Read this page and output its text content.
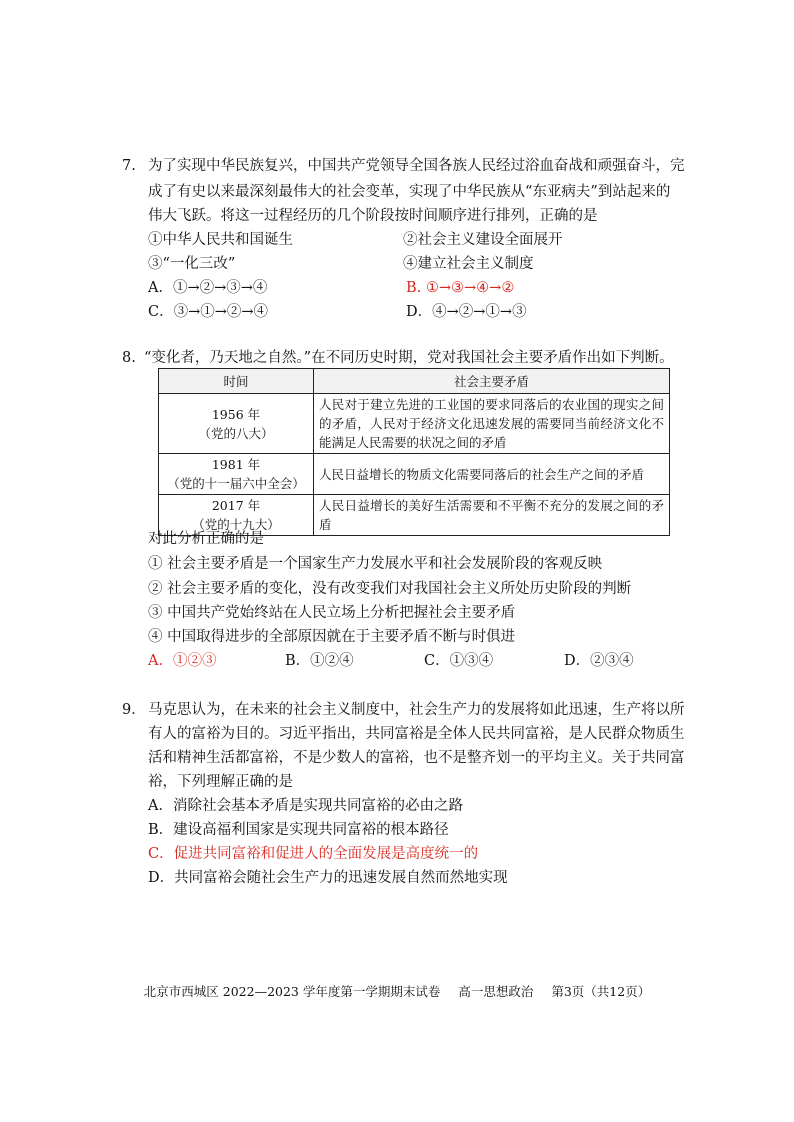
7. 为了实现中华民族复兴，中国共产党领导全国各族人民经过浴血奋战和顽强奋斗，完
成了有史以来最深刻最伟大的社会变革，实现了中华民族从“东亚病夫”到站起来的
伟大飞跃。将这一过程经历的几个阶段按时间顺序进行排列，正确的是
①中华人民共和国诞生	②社会主义建设全面展开
③“一化三改”	④建立社会主义制度
A．①→②→③→④	B. ①→③→④→②
C．③→①→②→④	D．④→②→①→③
8. “变化者，乃天地之自然。”在不同历史时期，党对我国社会主要矛盾作出如下判断。
时间	社会主要矛盾

1956 年
（党的八大）	人民对于建立先进的工业国的要求同落后的农业国的现实之间的矛盾，人民对于经济文化迅速发展的需要同当前经济文化不能满足人民需要的状况之间的矛盾

1981 年
（党的十一届六中全会）	人民日益增长的物质文化需要同落后的社会生产之间的矛盾

2017 年
（党的十九大）	人民日益增长的美好生活需要和不平衡不充分的发展之间的矛盾
对此分析正确的是
① 社会主要矛盾是一个国家生产力发展水平和社会发展阶段的客观反映
② 社会主要矛盾的变化，没有改变我们对我国社会主义所处历史阶段的判断
③ 中国共产党始终站在人民立场上分析把握社会主要矛盾
④ 中国取得进步的全部原因就在于主要矛盾不断与时俱进
A．①②③	B．①②④	C．①③④	D．②③④
9． 马克思认为，在未来的社会主义制度中，社会生产力的发展将如此迅速，生产将以所
有人的富裕为目的。习近平指出，共同富裕是全体人民共同富裕，是人民群众物质生
活和精神生活都富裕，不是少数人的富裕，也不是整齐划一的平均主义。关于共同富
裕，下列理解正确的是
A．消除社会基本矛盾是实现共同富裕的必由之路
B．建设高福利国家是实现共同富裕的根本路径
C．促进共同富裕和促进人的全面发展是高度统一的
D．共同富裕会随社会生产力的迅速发展自然而然地实现
北京市西城区 2022—2023 学年度第一学期期末试卷 高一思想政治 第3页（共12页）
